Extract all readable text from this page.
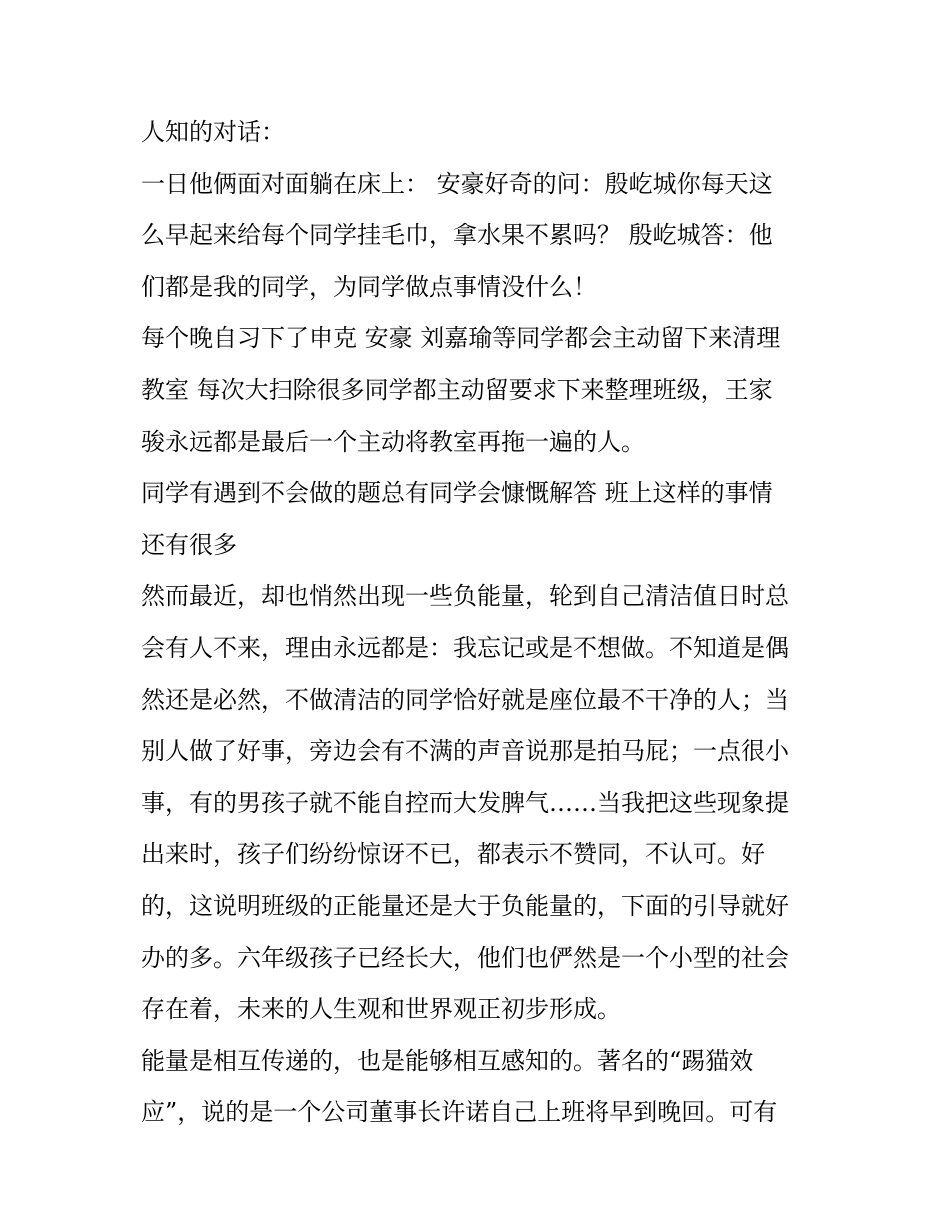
人知的对话：
一日他俩面对面躺在床上： 安豪好奇的问：殷屹城你每天这
么早起来给每个同学挂毛巾，拿水果不累吗？ 殷屹城答：他
们都是我的同学，为同学做点事情没什么！
每个晚自习下了申克 安豪 刘嘉瑜等同学都会主动留下来清理
教室 每次大扫除很多同学都主动留要求下来整理班级，王家
骏永远都是最后一个主动将教室再拖一遍的人。
同学有遇到不会做的题总有同学会慷慨解答 班上这样的事情
还有很多
然而最近，却也悄然出现一些负能量，轮到自己清洁值日时总
会有人不来，理由永远都是：我忘记或是不想做。不知道是偶
然还是必然，不做清洁的同学恰好就是座位最不干净的人；当
别人做了好事，旁边会有不满的声音说那是拍马屁；一点很小
事，有的男孩子就不能自控而大发脾气……当我把这些现象提
出来时，孩子们纷纷惊讶不已，都表示不赞同，不认可。好
的，这说明班级的正能量还是大于负能量的，下面的引导就好
办的多。六年级孩子已经长大，他们也俨然是一个小型的社会
存在着，未来的人生观和世界观正初步形成。
能量是相互传递的，也是能够相互感知的。著名的“踢猫效
应”，说的是一个公司董事长许诺自己上班将早到晚回。可有
